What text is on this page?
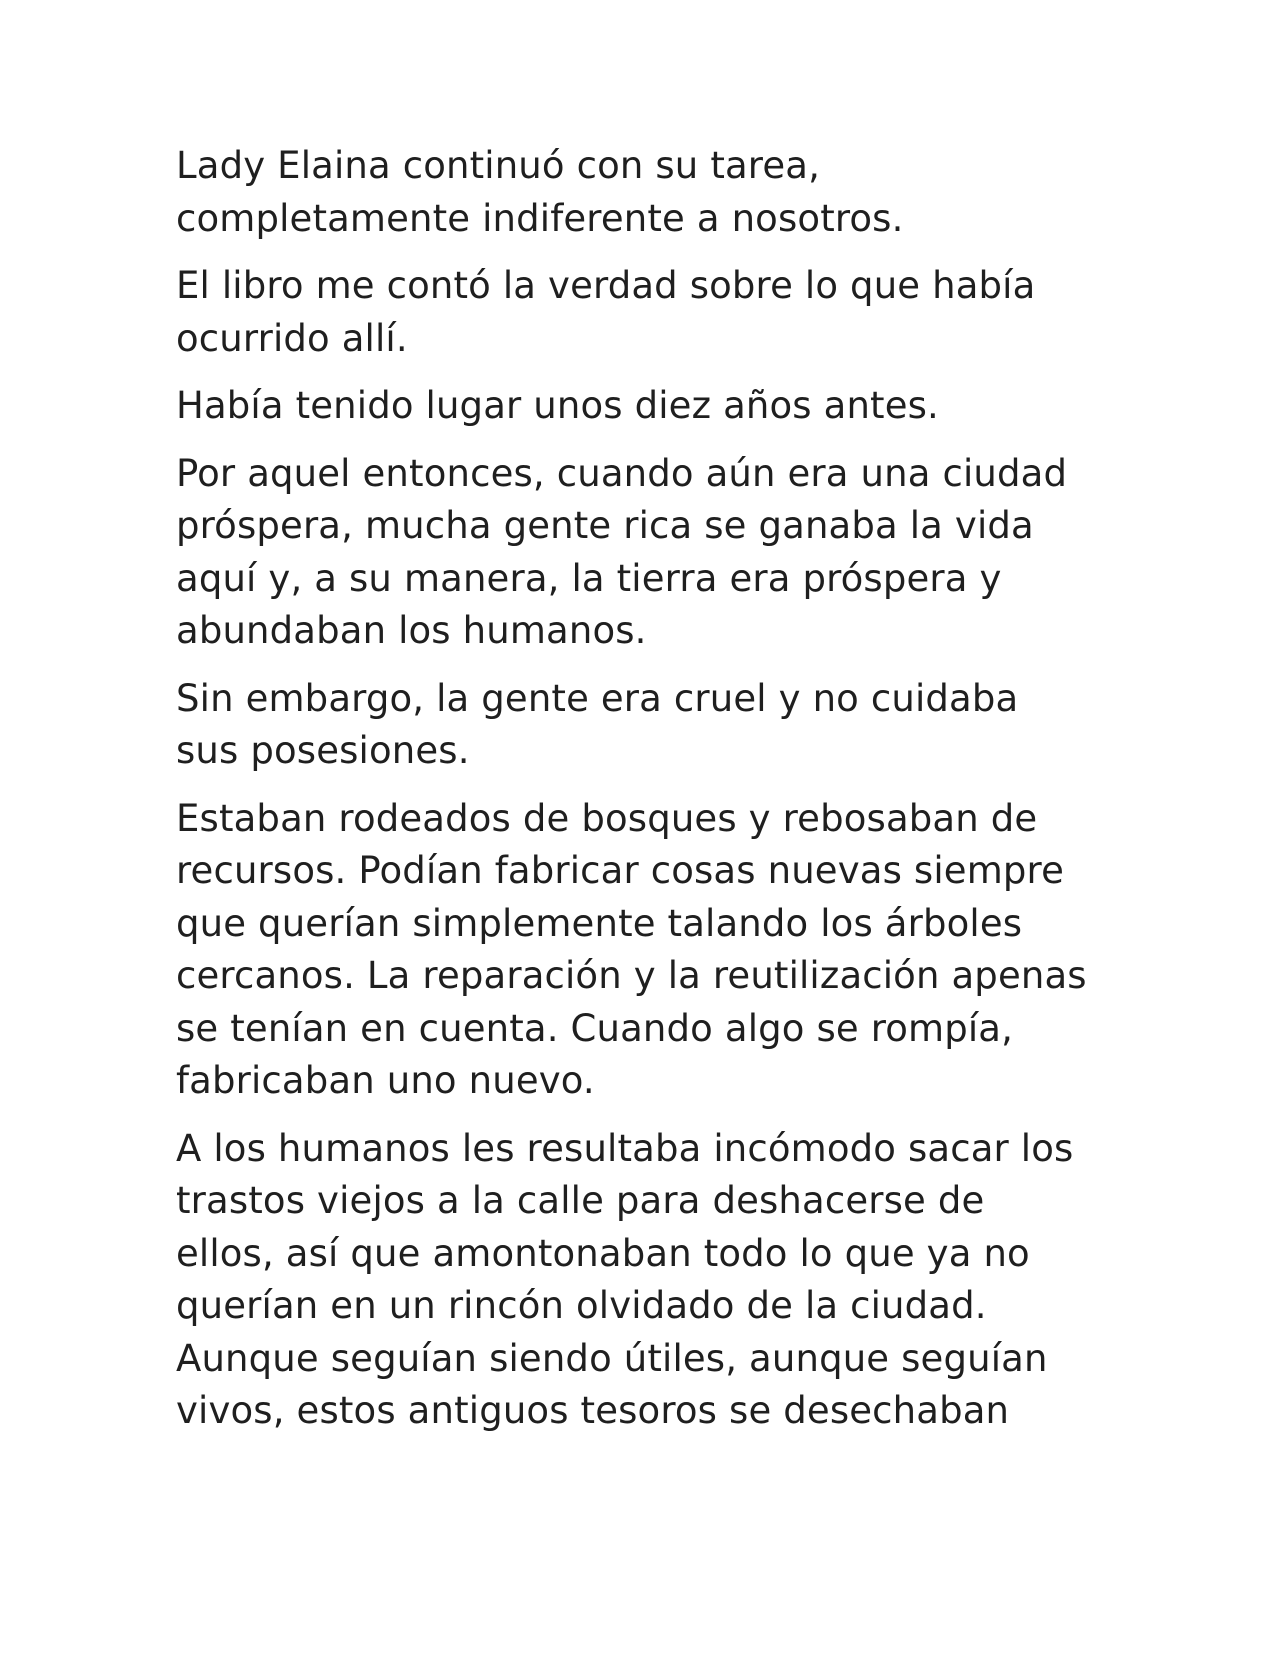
Lady Elaina continuó con su tarea,
completamente indiferente a nosotros.

El libro me contó la verdad sobre lo que había
ocurrido allí.

Había tenido lugar unos diez años antes.

Por aquel entonces, cuando aún era una ciudad
próspera, mucha gente rica se ganaba la vida
aquí y, a su manera, la tierra era próspera y
abundaban los humanos.

Sin embargo, la gente era cruel y no cuidaba
sus posesiones.

Estaban rodeados de bosques y rebosaban de
recursos. Podían fabricar cosas nuevas siempre
que querían simplemente talando los árboles
cercanos. La reparación y la reutilización apenas
se tenían en cuenta. Cuando algo se rompía,
fabricaban uno nuevo.

A los humanos les resultaba incómodo sacar los
trastos viejos a la calle para deshacerse de
ellos, así que amontonaban todo lo que ya no
querían en un rincón olvidado de la ciudad.
Aunque seguían siendo útiles, aunque seguían
vivos, estos antiguos tesoros se desechaban
